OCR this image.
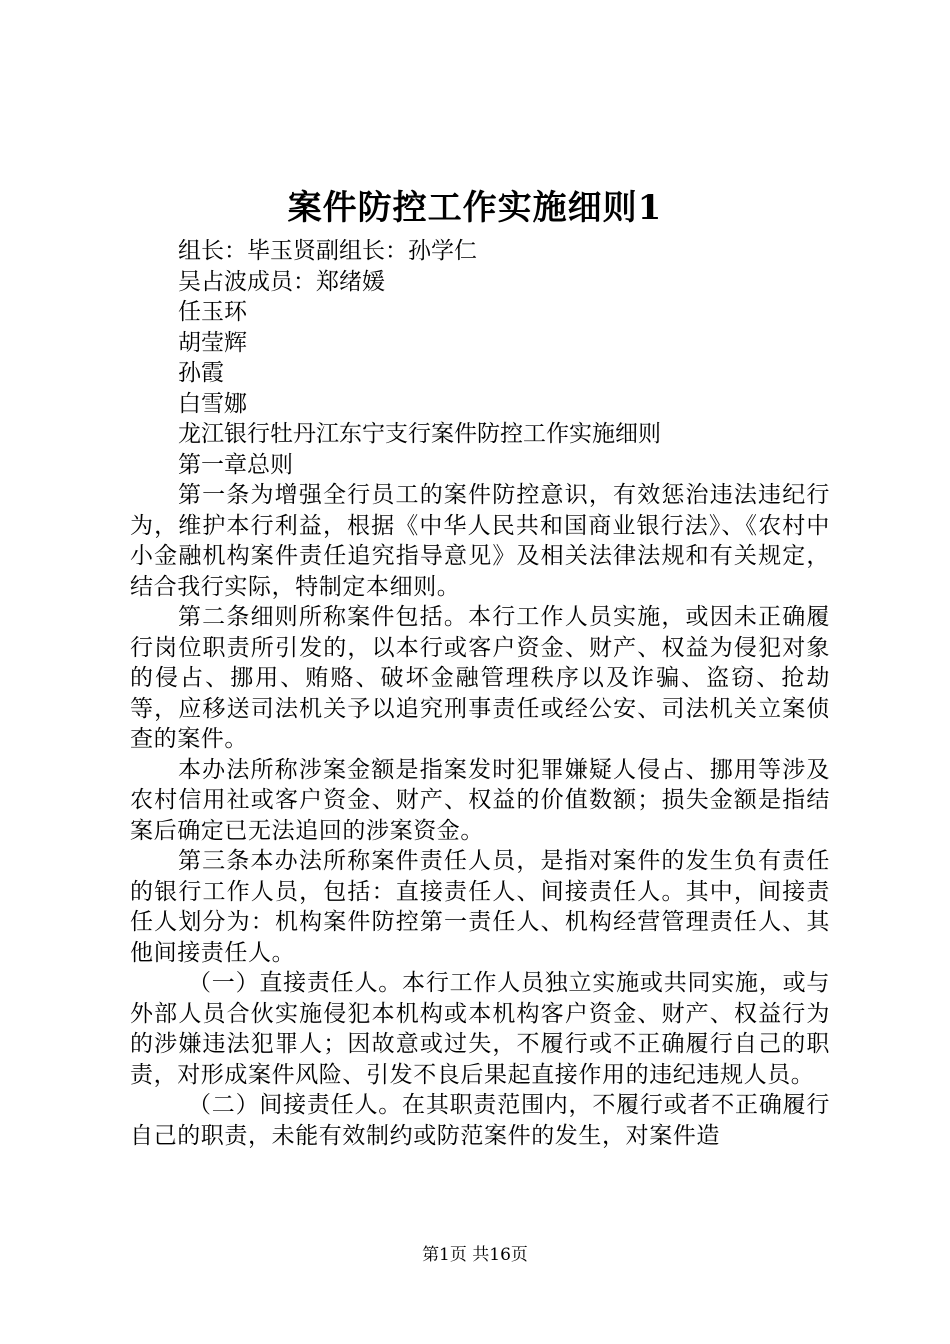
案件防控工作实施细则1

组长：毕玉贤副组长：孙学仁

吴占波成员：郑绪媛

任玉环

胡莹辉

孙霞

白雪娜

龙江银行牡丹江东宁支行案件防控工作实施细则

第一章总则

第一条为增强全行员工的案件防控意识，有效惩治违法违纪行为，维护本行利益，根据《中华人民共和国商业银行法》、《农村中小金融机构案件责任追究指导意见》及相关法律法规和有关规定，结合我行实际，特制定本细则。

第二条细则所称案件包括。本行工作人员实施，或因未正确履行岗位职责所引发的，以本行或客户资金、财产、权益为侵犯对象的侵占、挪用、贿赂、破坏金融管理秩序以及诈骗、盗窃、抢劫等，应移送司法机关予以追究刑事责任或经公安、司法机关立案侦查的案件。

本办法所称涉案金额是指案发时犯罪嫌疑人侵占、挪用等涉及农村信用社或客户资金、财产、权益的价值数额；损失金额是指结案后确定已无法追回的涉案资金。

第三条本办法所称案件责任人员，是指对案件的发生负有责任的银行工作人员，包括：直接责任人、间接责任人。其中，间接责任人划分为：机构案件防控第一责任人、机构经营管理责任人、其他间接责任人。

（一）直接责任人。本行工作人员独立实施或共同实施，或与外部人员合伙实施侵犯本机构或本机构客户资金、财产、权益行为的涉嫌违法犯罪人；因故意或过失，不履行或不正确履行自己的职责，对形成案件风险、引发不良后果起直接作用的违纪违规人员。

（二）间接责任人。在其职责范围内，不履行或者不正确履行自己的职责，未能有效制约或防范案件的发生，对案件造

第1页 共16页
